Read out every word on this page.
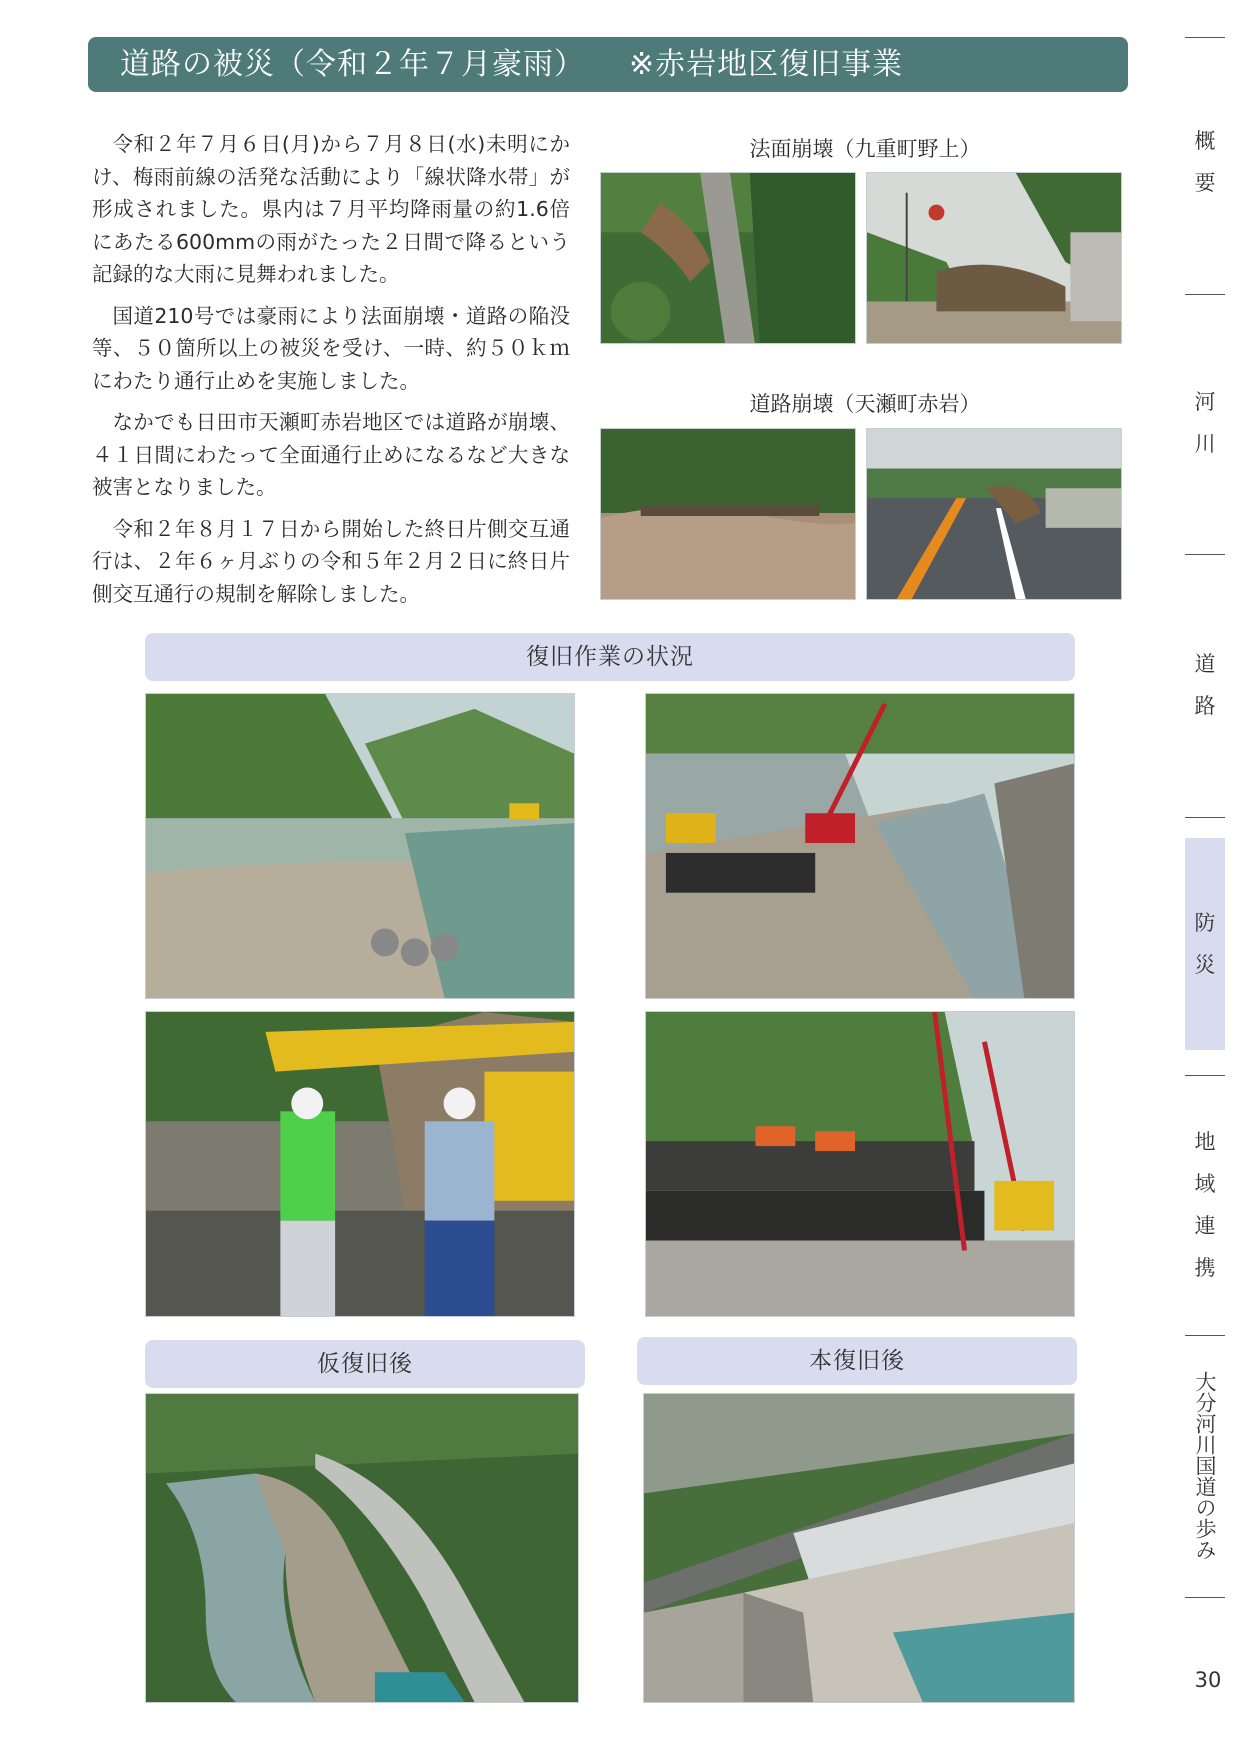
道路の被災（令和２年７月豪雨） ※赤岩地区復旧事業

令和２年７月６日(月)から７月８日(水)未明にかけ、梅雨前線の活発な活動により「線状降水帯」が形成されました。県内は７月平均降雨量の約1.6倍にあたる600mmの雨がたった２日間で降るという記録的な大雨に見舞われました。

国道210号では豪雨により法面崩壊・道路の陥没等、５０箇所以上の被災を受け、一時、約５０ｋｍにわたり通行止めを実施しました。

なかでも日田市天瀬町赤岩地区では道路が崩壊、４１日間にわたって全面通行止めになるなど大きな被害となりました。

令和２年８月１７日から開始した終日片側交互通行は、２年６ヶ月ぶりの令和５年２月２日に終日片側交互通行の規制を解除しました。

法面崩壊（九重町野上）
道路崩壊（天瀬町赤岩）
復旧作業の状況
仮復旧後	本復旧後
概
要
河
川
道
路
防
災
地
域
連
携
大分河川国道の歩み
30
